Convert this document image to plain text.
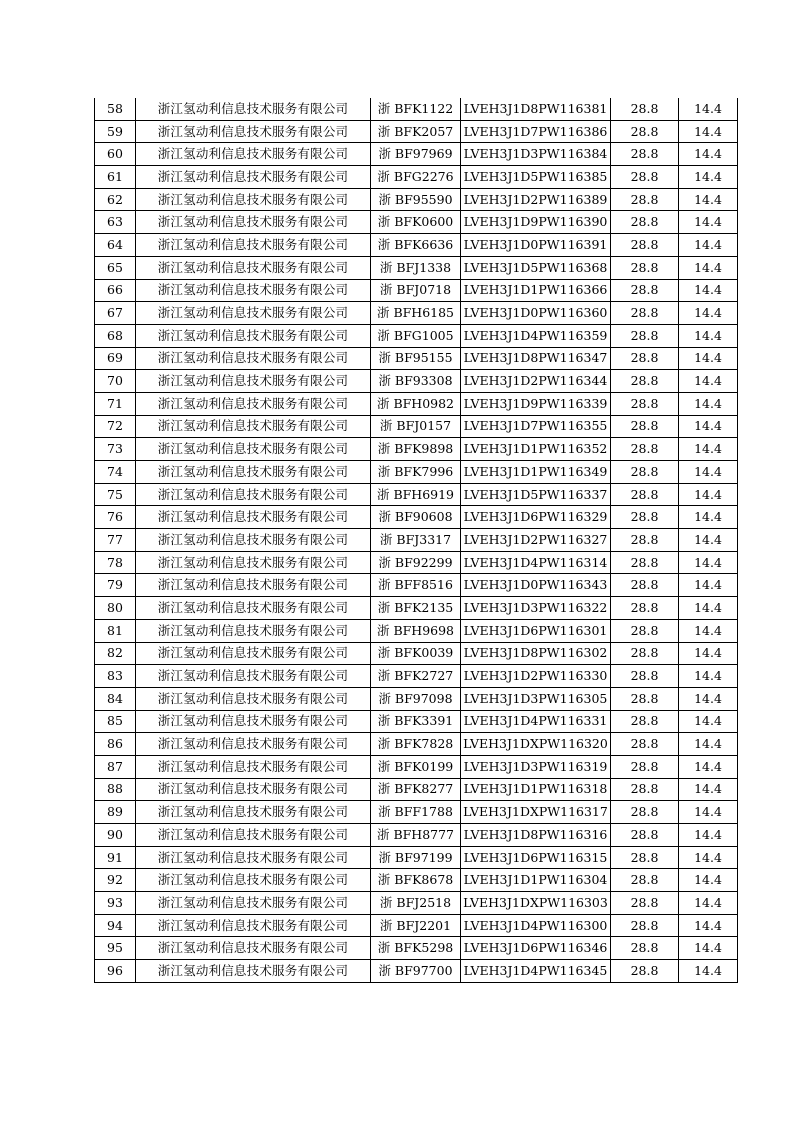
58	浙江氢动利信息技术服务有限公司	浙 BFK1122	LVEH3J1D8PW116381	28.8	14.4
59	浙江氢动利信息技术服务有限公司	浙 BFK2057	LVEH3J1D7PW116386	28.8	14.4
60	浙江氢动利信息技术服务有限公司	浙 BF97969	LVEH3J1D3PW116384	28.8	14.4
61	浙江氢动利信息技术服务有限公司	浙 BFG2276	LVEH3J1D5PW116385	28.8	14.4
62	浙江氢动利信息技术服务有限公司	浙 BF95590	LVEH3J1D2PW116389	28.8	14.4
63	浙江氢动利信息技术服务有限公司	浙 BFK0600	LVEH3J1D9PW116390	28.8	14.4
64	浙江氢动利信息技术服务有限公司	浙 BFK6636	LVEH3J1D0PW116391	28.8	14.4
65	浙江氢动利信息技术服务有限公司	浙 BFJ1338	LVEH3J1D5PW116368	28.8	14.4
66	浙江氢动利信息技术服务有限公司	浙 BFJ0718	LVEH3J1D1PW116366	28.8	14.4
67	浙江氢动利信息技术服务有限公司	浙 BFH6185	LVEH3J1D0PW116360	28.8	14.4
68	浙江氢动利信息技术服务有限公司	浙 BFG1005	LVEH3J1D4PW116359	28.8	14.4
69	浙江氢动利信息技术服务有限公司	浙 BF95155	LVEH3J1D8PW116347	28.8	14.4
70	浙江氢动利信息技术服务有限公司	浙 BF93308	LVEH3J1D2PW116344	28.8	14.4
71	浙江氢动利信息技术服务有限公司	浙 BFH0982	LVEH3J1D9PW116339	28.8	14.4
72	浙江氢动利信息技术服务有限公司	浙 BFJ0157	LVEH3J1D7PW116355	28.8	14.4
73	浙江氢动利信息技术服务有限公司	浙 BFK9898	LVEH3J1D1PW116352	28.8	14.4
74	浙江氢动利信息技术服务有限公司	浙 BFK7996	LVEH3J1D1PW116349	28.8	14.4
75	浙江氢动利信息技术服务有限公司	浙 BFH6919	LVEH3J1D5PW116337	28.8	14.4
76	浙江氢动利信息技术服务有限公司	浙 BF90608	LVEH3J1D6PW116329	28.8	14.4
77	浙江氢动利信息技术服务有限公司	浙 BFJ3317	LVEH3J1D2PW116327	28.8	14.4
78	浙江氢动利信息技术服务有限公司	浙 BF92299	LVEH3J1D4PW116314	28.8	14.4
79	浙江氢动利信息技术服务有限公司	浙 BFF8516	LVEH3J1D0PW116343	28.8	14.4
80	浙江氢动利信息技术服务有限公司	浙 BFK2135	LVEH3J1D3PW116322	28.8	14.4
81	浙江氢动利信息技术服务有限公司	浙 BFH9698	LVEH3J1D6PW116301	28.8	14.4
82	浙江氢动利信息技术服务有限公司	浙 BFK0039	LVEH3J1D8PW116302	28.8	14.4
83	浙江氢动利信息技术服务有限公司	浙 BFK2727	LVEH3J1D2PW116330	28.8	14.4
84	浙江氢动利信息技术服务有限公司	浙 BF97098	LVEH3J1D3PW116305	28.8	14.4
85	浙江氢动利信息技术服务有限公司	浙 BFK3391	LVEH3J1D4PW116331	28.8	14.4
86	浙江氢动利信息技术服务有限公司	浙 BFK7828	LVEH3J1DXPW116320	28.8	14.4
87	浙江氢动利信息技术服务有限公司	浙 BFK0199	LVEH3J1D3PW116319	28.8	14.4
88	浙江氢动利信息技术服务有限公司	浙 BFK8277	LVEH3J1D1PW116318	28.8	14.4
89	浙江氢动利信息技术服务有限公司	浙 BFF1788	LVEH3J1DXPW116317	28.8	14.4
90	浙江氢动利信息技术服务有限公司	浙 BFH8777	LVEH3J1D8PW116316	28.8	14.4
91	浙江氢动利信息技术服务有限公司	浙 BF97199	LVEH3J1D6PW116315	28.8	14.4
92	浙江氢动利信息技术服务有限公司	浙 BFK8678	LVEH3J1D1PW116304	28.8	14.4
93	浙江氢动利信息技术服务有限公司	浙 BFJ2518	LVEH3J1DXPW116303	28.8	14.4
94	浙江氢动利信息技术服务有限公司	浙 BFJ2201	LVEH3J1D4PW116300	28.8	14.4
95	浙江氢动利信息技术服务有限公司	浙 BFK5298	LVEH3J1D6PW116346	28.8	14.4
96	浙江氢动利信息技术服务有限公司	浙 BF97700	LVEH3J1D4PW116345	28.8	14.4
